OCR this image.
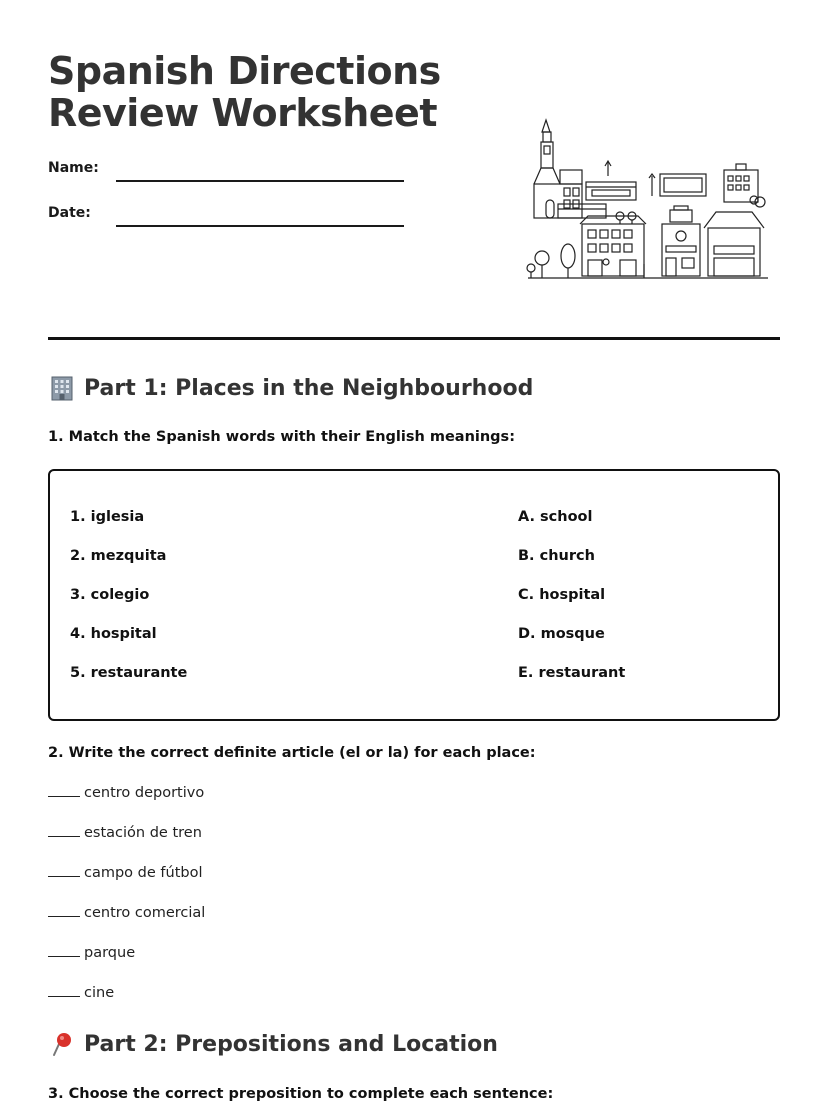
Spanish Directions
Review Worksheet
Name:
Date:
Part 1: Places in the Neighbourhood
1. Match the Spanish words with their English meanings:
1. iglesia
2. mezquita
3. colegio
4. hospital
5. restaurante
A. school
B. church
C. hospital
D. mosque
E. restaurant
2. Write the correct definite article (el or la) for each place:
centro deportivo
estación de tren
campo de fútbol
centro comercial
parque
cine
Part 2: Prepositions and Location
3. Choose the correct preposition to complete each sentence:
